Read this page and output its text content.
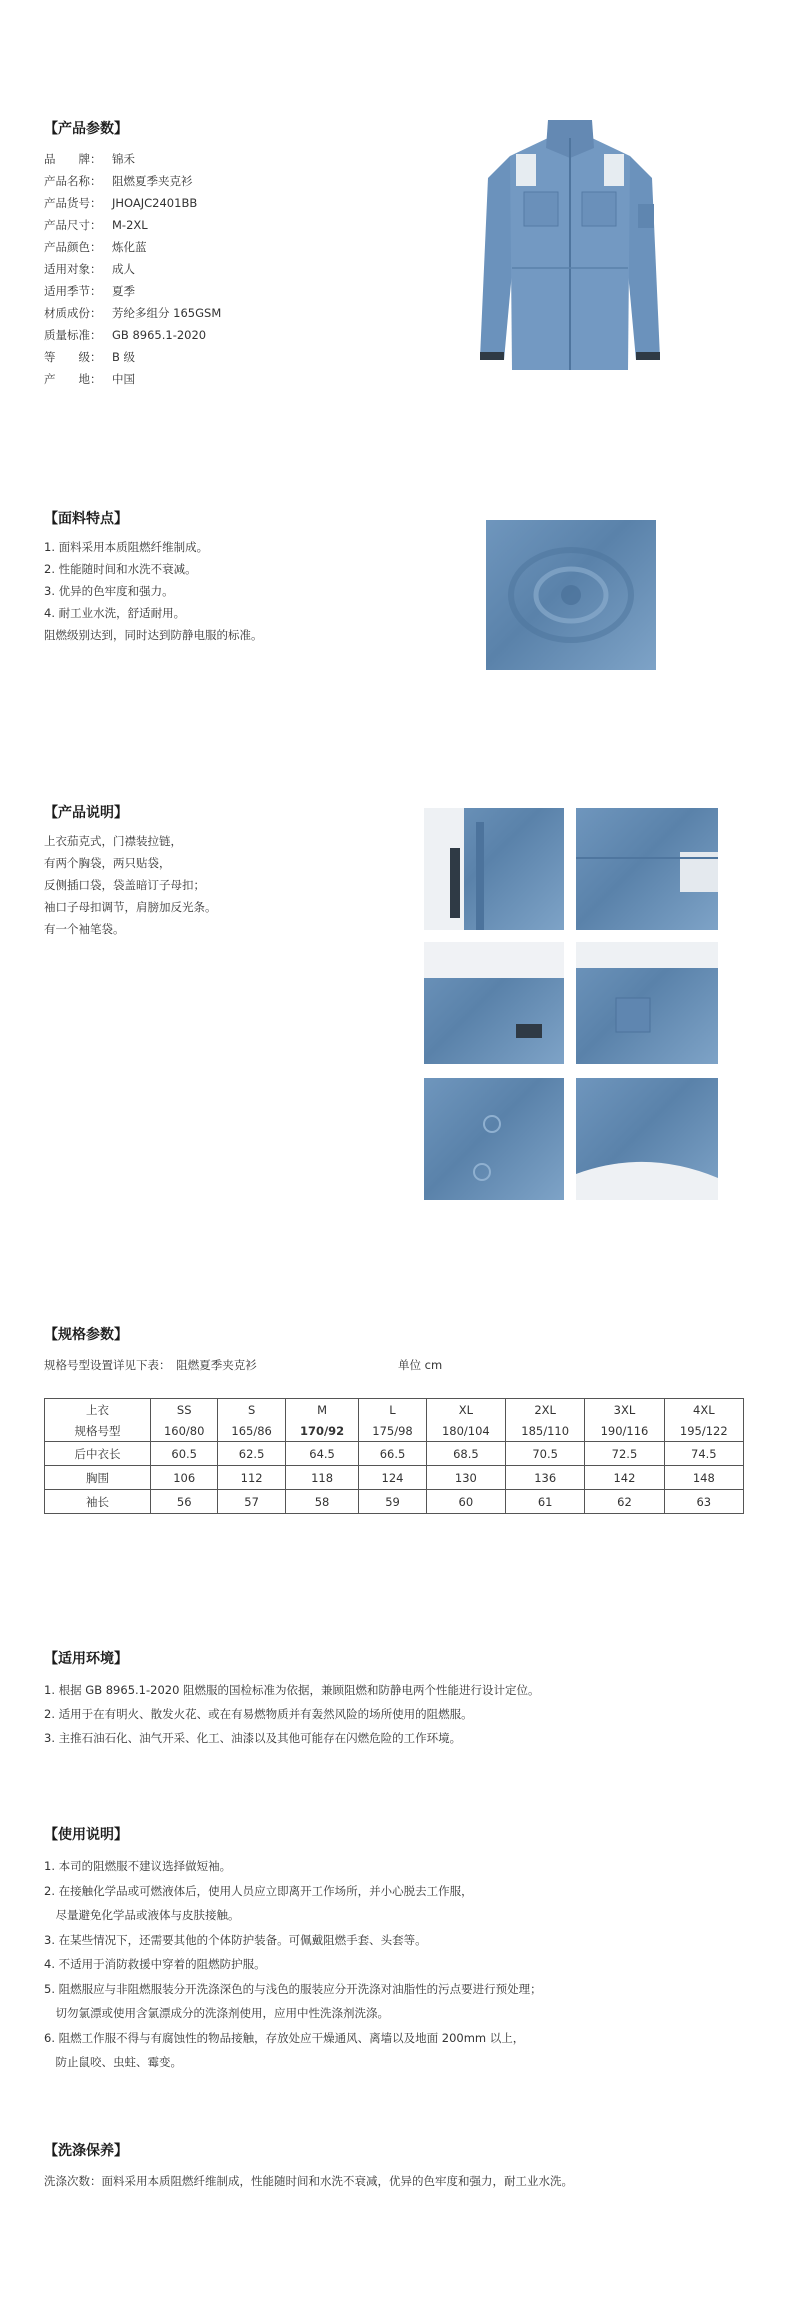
【产品参数】
品　　牌： 锦禾
产品名称： 阻燃夏季夹克衫
产品货号： JHOAJC2401BB
产品尺寸： M-2XL
产品颜色： 炼化蓝
适用对象： 成人
适用季节： 夏季
材质成份： 芳纶多组分 165GSM
质量标准： GB 8965.1-2020
等　　级： B 级
产　　地： 中国
【面料特点】
1. 面料采用本质阻燃纤维制成。
2. 性能随时间和水洗不衰减。
3. 优异的色牢度和强力。
4. 耐工业水洗，舒适耐用。
阻燃级别达到，同时达到防静电服的标准。
【产品说明】
上衣茄克式，门襟装拉链，
有两个胸袋，两只贴袋，
反侧插口袋，袋盖暗订子母扣；
袖口子母扣调节，肩膀加反光条。
有一个袖笔袋。
【规格参数】
规格号型设置详见下表：　阻燃夏季夹克衫	单位 cm
上衣	SS	S	M	L	XL	2XL	3XL	4XL
规格号型	160/80	165/86	170/92	175/98	180/104	185/110	190/116	195/122
后中衣长	60.5	62.5	64.5	66.5	68.5	70.5	72.5	74.5
胸围	106	112	118	124	130	136	142	148
袖长	56	57	58	59	60	61	62	63
【适用环境】
1. 根据 GB 8965.1-2020 阻燃服的国检标准为依据，兼顾阻燃和防静电两个性能进行设计定位。
2. 适用于在有明火、散发火花、或在有易燃物质并有轰然风险的场所使用的阻燃服。
3. 主推石油石化、油气开采、化工、油漆以及其他可能存在闪燃危险的工作环境。
【使用说明】
1. 本司的阻燃服不建议选择做短袖。
2. 在接触化学品或可燃液体后，使用人员应立即离开工作场所，并小心脱去工作服，
　尽量避免化学品或液体与皮肤接触。
3. 在某些情况下，还需要其他的个体防护装备。可佩戴阻燃手套、头套等。
4. 不适用于消防救援中穿着的阻燃防护服。
5. 阻燃服应与非阻燃服装分开洗涤深色的与浅色的服装应分开洗涤对油脂性的污点要进行预处理；
　切勿氯漂或使用含氯漂成分的洗涤剂使用，应用中性洗涤剂洗涤。
6. 阻燃工作服不得与有腐蚀性的物品接触，存放处应干燥通风、离墙以及地面 200mm 以上，
　防止鼠咬、虫蛀、霉变。
【洗涤保养】
洗涤次数：面料采用本质阻燃纤维制成，性能随时间和水洗不衰减，优异的色牢度和强力，耐工业水洗。
